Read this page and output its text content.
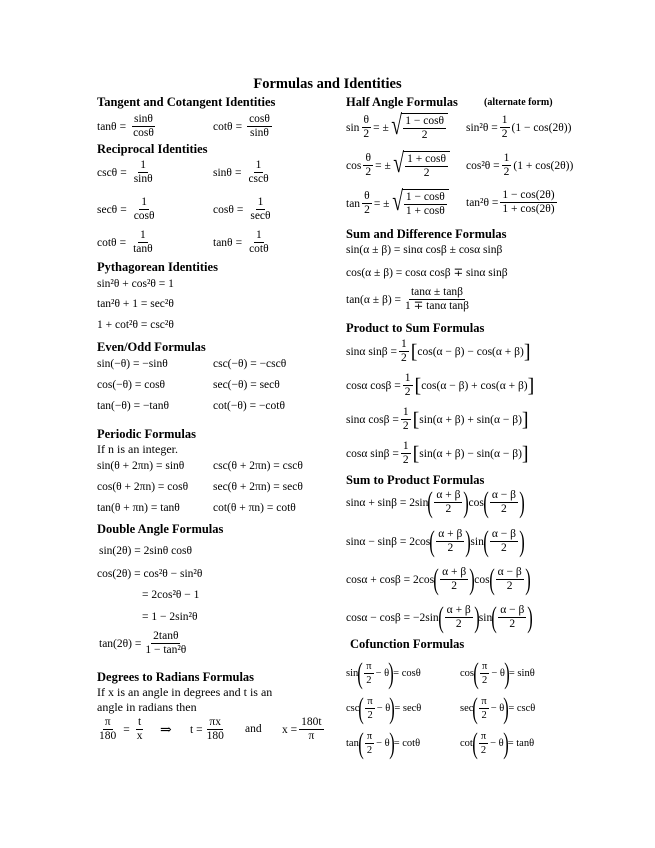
Formulas and Identities
Tangent and Cotangent Identities
$\tan\theta = \frac{\sin\theta}{\cos\theta}$	$\cot\theta = \frac{\cos\theta}{\sin\theta}$
Reciprocal Identities
$\csc\theta = \frac{1}{\sin\theta}$	$\sin\theta = \frac{1}{\csc\theta}$
$\sec\theta = \frac{1}{\cos\theta}$	$\cos\theta = \frac{1}{\sec\theta}$
$\cot\theta = \frac{1}{\tan\theta}$	$\tan\theta = \frac{1}{\cot\theta}$
Pythagorean Identities
sin²θ + cos²θ = 1
tan²θ + 1 = sec²θ
1 + cot²θ = csc²θ
Even/Odd Formulas
sin(−θ) = −sinθ	csc(−θ) = −cscθ
cos(−θ) = cosθ	sec(−θ) = secθ
tan(−θ) = −tanθ	cot(−θ) = −cotθ
Periodic Formulas
If n is an integer.
sin(θ + 2πn) = sinθ csc(θ + 2πn) = cscθ
cos(θ + 2πn) = cosθ sec(θ + 2πn) = secθ
tan(θ + πn) = tanθ	cot(θ + πn) = cotθ
Double Angle Formulas
sin(2θ) = 2sinθ cosθ
cos(2θ) = cos²θ − sin²θ
= 2cos²θ − 1
= 1 − 2sin²θ
$\tan(2\theta) = \frac{2\tan\theta}{\text{1 − tan²θ}}$
Degrees to Radians Formulas
If x is an angle in degrees and t is an
angle in radians then
$\frac{\pi}{180} = \frac{t}{x}$ ⇒ $t = \frac{\pi x}{180}$ and $x = \frac{180t}{\pi}$
Half Angle Formulas	(alternate form)
$\sin \frac{\theta}{2}$ = ± √ $\frac{1 - \cos\theta}{2} \sin^2\theta = \frac{1}{2} (1 - \cos(2\theta))$
$\cos \frac{\theta}{2}$ = ± √ $\frac{1 + \cos\theta}{2} \cos^2\theta = \frac{1}{2} (1 + \cos(2\theta))$
$\tan \frac{\theta}{2}$ = ± √ $\frac{1 - \cos\theta}{1 + \cos\theta} \tan^2\theta = \frac{1 - \cos(2\theta)}{1 + \cos(2\theta)}$
Sum and Difference Formulas
sin(α ± β) = sinα cosβ ± cosα sinβ
cos(α ± β) = cosα cosβ ∓ sinα sinβ
$\tan(\alpha \pm \beta) = \frac{\tan\alpha \pm \tan\beta}{\text{1 ∓ tanα tanβ}}$
Product to Sum Formulas
sinα $\sin\beta = \frac{1}{2}$ [ cos(α − β) − cos(α + β) ]
cosα $\cos\beta = \frac{1}{2}$ [ cos(α − β) + cos(α + β) ]
sinα $\cos\beta = \frac{1}{2}$ [ sin(α + β) + sin(α − β) ]
cosα $\sin\beta = \frac{1}{2}$ [ sin(α + β) − sin(α − β) ]
Sum to Product Formulas
sinα + sinβ = 2sin ( $\frac{\alpha + \beta}{2}$ ) cos ( $\frac{\alpha - \beta}{2}$ )
sinα − sinβ = 2cos ( $\frac{\alpha + \beta}{2}$ ) sin ( $\frac{\alpha - \beta}{2}$ )
cosα + cosβ = 2cos ( $\frac{\alpha + \beta}{2}$ ) cos ( $\frac{\alpha - \beta}{2}$ )
cosα − cosβ = −2sin ( $\frac{\alpha + \beta}{2}$ ) sin ( $\frac{\alpha - \beta}{2}$ )
Cofunction Formulas
sin ( $\frac{\pi}{2} - \theta$ ) = cosθ	cos ( $\frac{\pi}{2} - \theta$ ) = sinθ
csc ( $\frac{\pi}{2} - \theta$ ) = secθ	sec ( $\frac{\pi}{2} - \theta$ ) = cscθ
tan ( $\frac{\pi}{2} - \theta$ ) = cotθ	cot ( $\frac{\pi}{2} - \theta$ ) = tanθ
